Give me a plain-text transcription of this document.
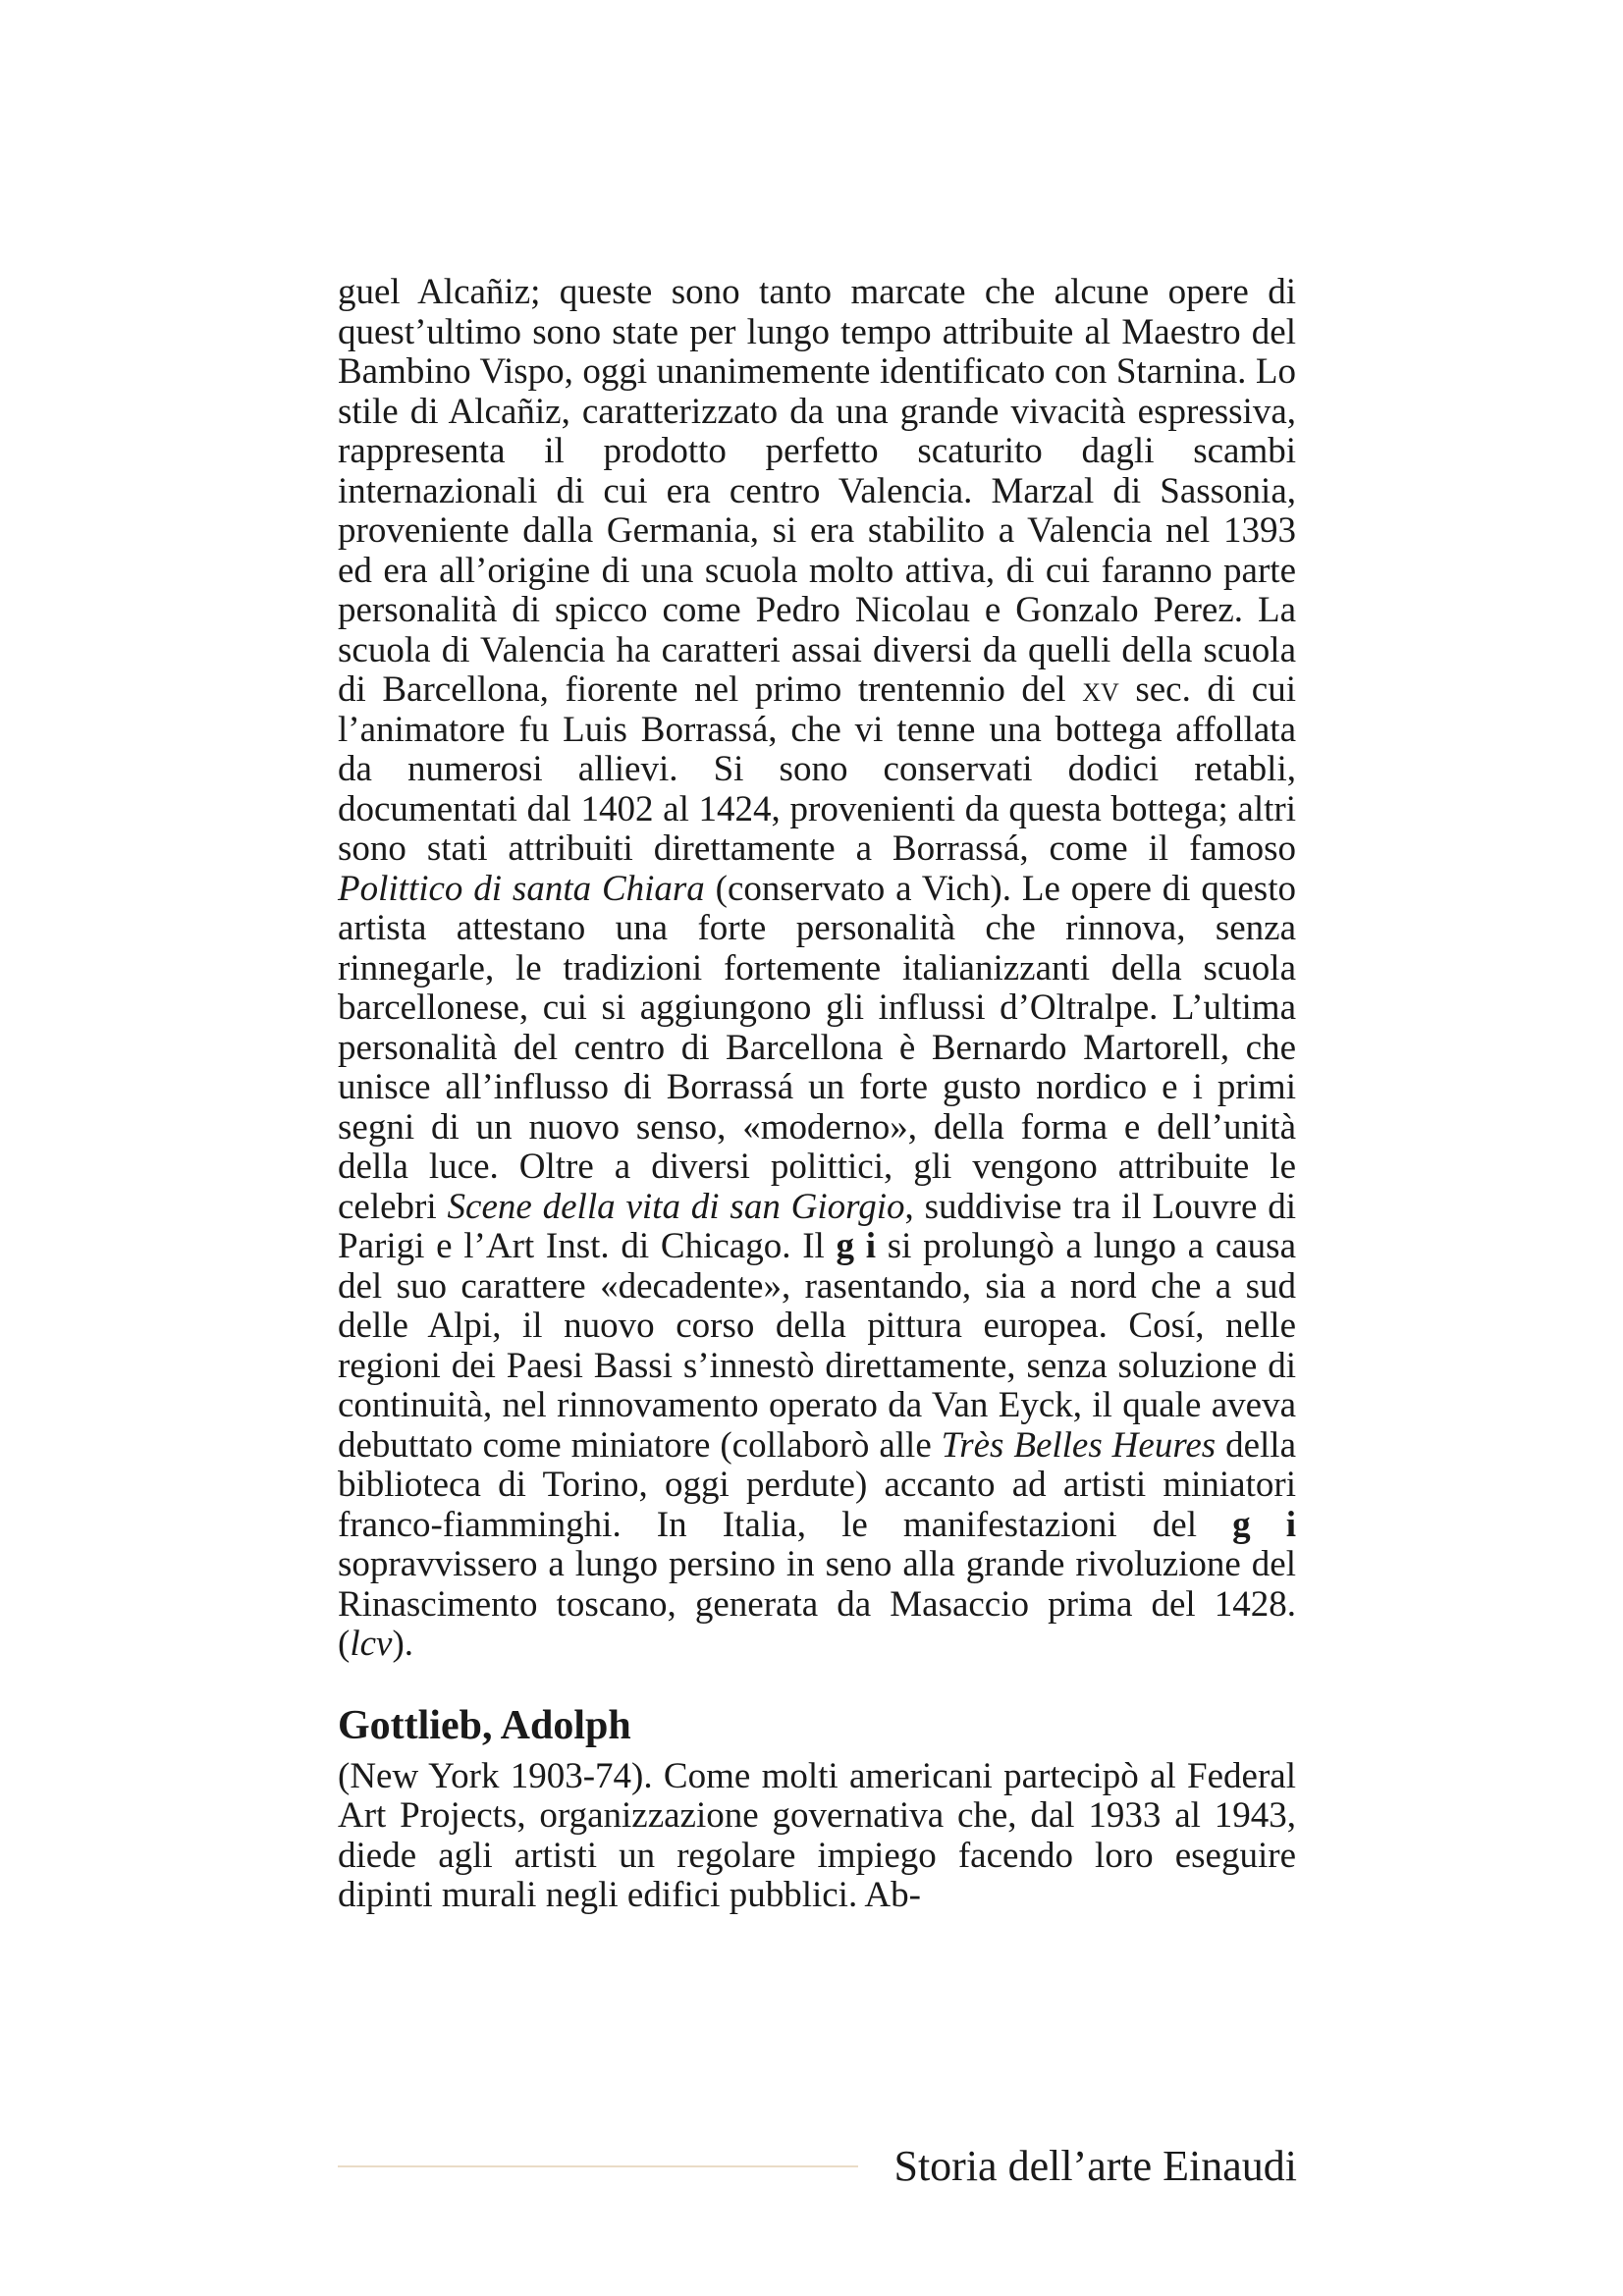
guel Alcañiz; queste sono tanto marcate che alcune opere di quest’ultimo sono state per lungo tempo attribuite al Maestro del Bambino Vispo, oggi unanimemente identificato con Starnina. Lo stile di Alcañiz, caratterizzato da una grande vivacità espressiva, rappresenta il prodotto perfetto scaturito dagli scambi internazionali di cui era centro Valencia. Marzal di Sassonia, proveniente dalla Germania, si era stabilito a Valencia nel 1393 ed era all’origine di una scuola molto attiva, di cui faranno parte personalità di spicco come Pedro Nicolau e Gonzalo Perez. La scuola di Valencia ha caratteri assai diversi da quelli della scuola di Barcellona, fiorente nel primo trentennio del xv sec. di cui l’animatore fu Luis Borrassá, che vi tenne una bottega affollata da numerosi allievi. Si sono conservati dodici retabli, documentati dal 1402 al 1424, provenienti da questa bottega; altri sono stati attribuiti direttamente a Borrassá, come il famoso Polittico di santa Chiara (conservato a Vich). Le opere di questo artista attestano una forte personalità che rinnova, senza rinnegarle, le tradizioni fortemente italianizzanti della scuola barcellonese, cui si aggiungono gli influssi d’Oltralpe. L’ultima personalità del centro di Barcellona è Bernardo Martorell, che unisce all’influsso di Borrassá un forte gusto nordico e i primi segni di un nuovo senso, «moderno», della forma e dell’unità della luce. Oltre a diversi polittici, gli vengono attribuite le celebri Scene della vita di san Giorgio, suddivise tra il Louvre di Parigi e l’Art Inst. di Chicago. Il g i si prolungò a lungo a causa del suo carattere «decadente», rasentando, sia a nord che a sud delle Alpi, il nuovo corso della pittura europea. Cosí, nelle regioni dei Paesi Bassi s’innestò direttamente, senza soluzione di continuità, nel rinnovamento operato da Van Eyck, il quale aveva debuttato come miniatore (collaborò alle Très Belles Heures della biblioteca di Torino, oggi perdute) accanto ad artisti miniatori franco-fiamminghi. In Italia, le manifestazioni del g i sopravvissero a lungo persino in seno alla grande rivoluzione del Rinascimento toscano, generata da Masaccio prima del 1428. (lcv).

Gottlieb, Adolph

(New York 1903-74). Come molti americani partecipò al Federal Art Projects, organizzazione governativa che, dal 1933 al 1943, diede agli artisti un regolare impiego facendo loro eseguire dipinti murali negli edifici pubblici. Ab-

Storia dell’arte Einaudi
